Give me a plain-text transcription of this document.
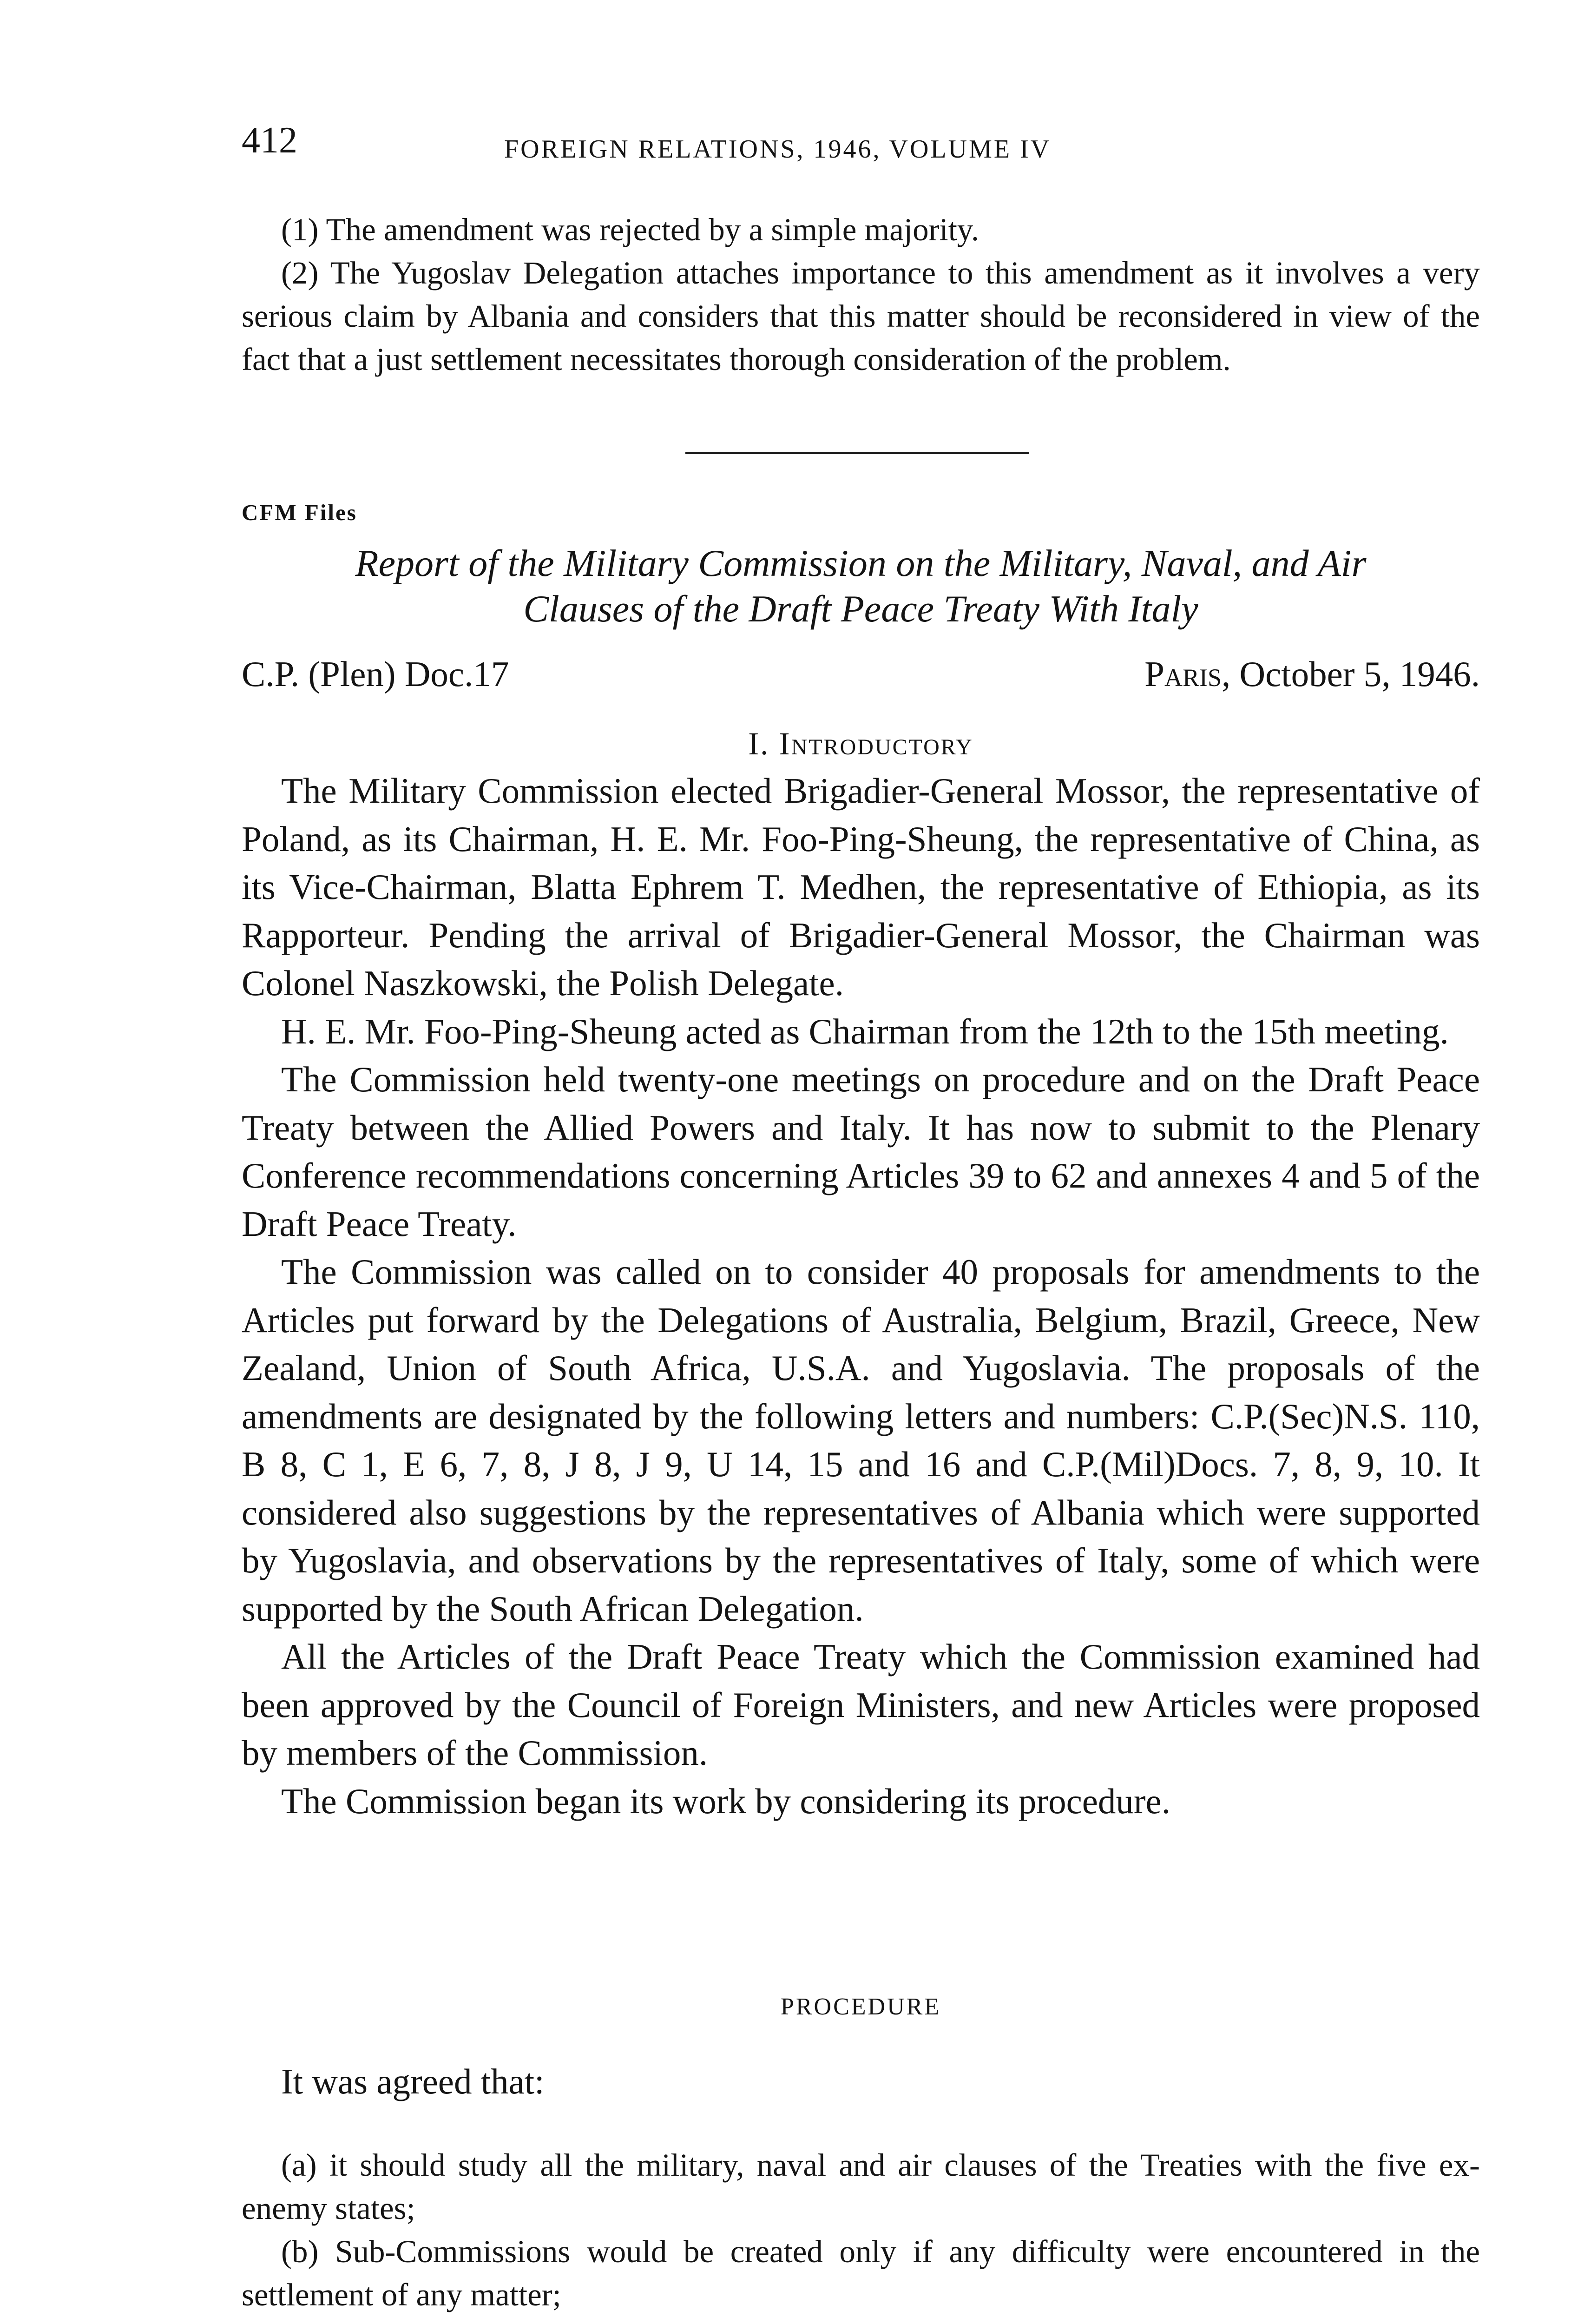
412	FOREIGN RELATIONS, 1946, VOLUME IV

(1) The amendment was rejected by a simple majority.

(2) The Yugoslav Delegation attaches importance to this amendment as it involves a very serious claim by Albania and considers that this matter should be reconsidered in view of the fact that a just settlement necessitates thorough consideration of the problem.

CFM Files
Report of the Military Commission on the Military, Naval, and Air
Clauses of the Draft Peace Treaty With Italy
C.P. (Plen) Doc.17	Paris, October 5, 1946.
I. Introductory

The Military Commission elected Brigadier-General Mossor, the representative of Poland, as its Chairman, H. E. Mr. Foo-Ping-Sheung, the representative of China, as its Vice-Chairman, Blatta Ephrem T. Medhen, the representative of Ethiopia, as its Rapporteur. Pending the arrival of Brigadier-General Mossor, the Chairman was Colonel Naszkowski, the Polish Delegate.

H. E. Mr. Foo-Ping-Sheung acted as Chairman from the 12th to the 15th meeting.

The Commission held twenty-one meetings on procedure and on the Draft Peace Treaty between the Allied Powers and Italy. It has now to submit to the Plenary Conference recommendations concerning Articles 39 to 62 and annexes 4 and 5 of the Draft Peace Treaty.

The Commission was called on to consider 40 proposals for amendments to the Articles put forward by the Delegations of Australia, Belgium, Brazil, Greece, New Zealand, Union of South Africa, U.S.A. and Yugoslavia. The proposals of the amendments are designated by the following letters and numbers: C.P.(Sec)N.S. 110, B 8, C 1, E 6, 7, 8, J 8, J 9, U 14, 15 and 16 and C.P.(Mil)Docs. 7, 8, 9, 10. It considered also suggestions by the representatives of Albania which were supported by Yugoslavia, and observations by the representatives of Italy, some of which were supported by the South African Delegation.

All the Articles of the Draft Peace Treaty which the Commission examined had been approved by the Council of Foreign Ministers, and new Articles were proposed by members of the Commission.

The Commission began its work by considering its procedure.

PROCEDURE
It was agreed that:

(a) it should study all the military, naval and air clauses of the Treaties with the five ex-enemy states;

(b) Sub-Commissions would be created only if any difficulty were encountered in the settlement of any matter;
